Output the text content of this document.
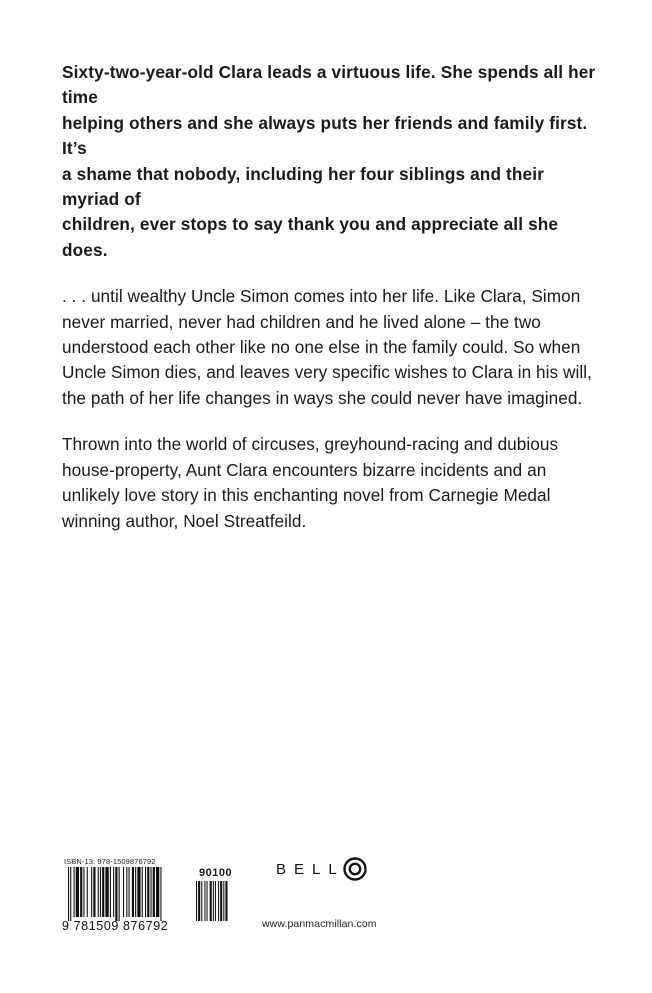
Sixty-two-year-old Clara leads a virtuous life. She spends all her time
helping others and she always puts her friends and family first. It’s
a shame that nobody, including her four siblings and their myriad of
children, ever stops to say thank you and appreciate all she does.

. . . until wealthy Uncle Simon comes into her life. Like Clara, Simon
never married, never had children and he lived alone – the two
understood each other like no one else in the family could. So when
Uncle Simon dies, and leaves very specific wishes to Clara in his will,
the path of her life changes in ways she could never have imagined.

Thrown into the world of circuses, greyhound-racing and dubious
house-property, Aunt Clara encounters bizarre incidents and an
unlikely love story in this enchanting novel from Carnegie Medal
winning author, Noel Streatfeild.

ISBN-13: 978-1509876792
90100
9 781509 876792
BELL
www.panmacmillan.com
